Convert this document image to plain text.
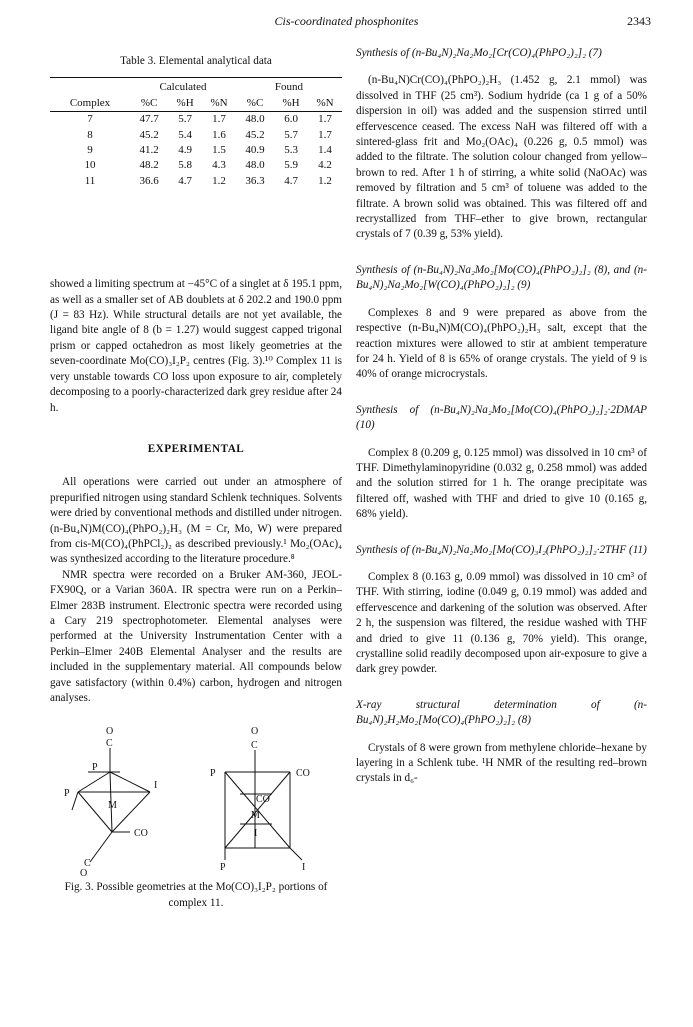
Cis-coordinated phosphonites	2343

Table 3. Elemental analytical data

	Calculated			Found		
Complex	%C	%H	%N	%C	%H	%N
7	47.7	5.7	1.7	48.0	6.0	1.7
8	45.2	5.4	1.6	45.2	5.7	1.7
9	41.2	4.9	1.5	40.9	5.3	1.4
10	48.2	5.8	4.3	48.0	5.9	4.2
11	36.6	4.7	1.2	36.3	4.7	1.2

showed a limiting spectrum at −45°C of a singlet at δ 195.1 ppm, as well as a smaller set of AB doublets at δ 202.2 and 190.0 ppm (J = 83 Hz). While structural details are not yet available, the ligand bite angle of 8 (b = 1.27) would suggest capped trigonal prism or capped octahedron as most likely geometries at the seven-coordinate Mo(CO)₃I₂P₂ centres (Fig. 3).¹⁰ Complex 11 is very unstable towards CO loss upon exposure to air, completely decomposing to a poorly-characterized dark grey residue after 24 h.

EXPERIMENTAL

All operations were carried out under an atmosphere of prepurified nitrogen using standard Schlenk techniques. Solvents were dried by conventional methods and distilled under nitrogen. (n-Bu₄N)M(CO)₄(PhPO₂)₂H₃ (M = Cr, Mo, W) were prepared from cis-M(CO)₄(PhPCl₂)₂ as described previously.¹ Mo₂(OAc)₄ was synthesized according to the literature procedure.⁸

NMR spectra were recorded on a Bruker AM-360, JEOL-FX90Q, or a Varian 360A. IR spectra were run on a Perkin–Elmer 283B instrument. Electronic spectra were recorded using a Cary 219 spectrophotometer. Elemental analyses were performed at the University Instrumentation Center with a Perkin–Elmer 240B Elemental Analyser and the results are included in the supplementary material. All compounds below gave satisfactory (within 0.4%) carbon, hydrogen and nitrogen analyses.

O
C
P
I
P
M
CO
C
O
O
C
P	CO
CO
M
I
P	I

Fig. 3. Possible geometries at the Mo(CO)₃I₂P₂ portions of complex 11.

Synthesis of (n-Bu₄N)₂Na₂Mo₂[Cr(CO)₄(PhPO₂)₂]₂ (7)

(n-Bu₄N)Cr(CO)₄(PhPO₂)₂H₃ (1.452 g, 2.1 mmol) was dissolved in THF (25 cm³). Sodium hydride (ca 1 g of a 50% dispersion in oil) was added and the suspension stirred until effervescence ceased. The excess NaH was filtered off with a sintered-glass frit and Mo₂(OAc)₄ (0.226 g, 0.5 mmol) was added to the filtrate. The solution colour changed from yellow–brown to red. After 1 h of stirring, a white solid (NaOAc) was removed by filtration and 5 cm³ of toluene was added to the filtrate. A brown solid was obtained. This was filtered off and recrystallized from THF–ether to give brown, rectangular crystals of 7 (0.39 g, 53% yield).

Synthesis of (n-Bu₄N)₂Na₂Mo₂[Mo(CO)₄(PhPO₂)₂]₂ (8), and (n-Bu₄N)₂Na₂Mo₂[W(CO)₄(PhPO₂)₂]₂ (9)

Complexes 8 and 9 were prepared as above from the respective (n-Bu₄N)M(CO)₄(PhPO₂)₂H₃ salt, except that the reaction mixtures were allowed to stir at ambient temperature for 24 h. Yield of 8 is 65% of orange crystals. The yield of 9 is 40% of orange microcrystals.

Synthesis of (n-Bu₄N)₂Na₂Mo₂[Mo(CO)₄(PhPO₂)₂]₂·2DMAP (10)

Complex 8 (0.209 g, 0.125 mmol) was dissolved in 10 cm³ of THF. Dimethylaminopyridine (0.032 g, 0.258 mmol) was added and the solution stirred for 1 h. The orange precipitate was filtered off, washed with THF and dried to give 10 (0.165 g, 68% yield).

Synthesis of (n-Bu₄N)₂Na₂Mo₂[Mo(CO)₃I₂(PhPO₂)₂]₂·2THF (11)

Complex 8 (0.163 g, 0.09 mmol) was dissolved in 10 cm³ of THF. With stirring, iodine (0.049 g, 0.19 mmol) was added and effervescence and darkening of the solution was observed. After 2 h, the suspension was filtered, the residue washed with THF and dried to give 11 (0.136 g, 70% yield). This orange, crystalline solid readily decomposed upon air-exposure to give a dark grey powder.

X-ray structural determination of (n-Bu₄N)₂H₂Mo₂[Mo(CO)₄(PhPO₂)₂]₂ (8)

Crystals of 8 were grown from methylene chloride–hexane by layering in a Schlenk tube. ¹H NMR of the resulting red–brown crystals in d₆-
